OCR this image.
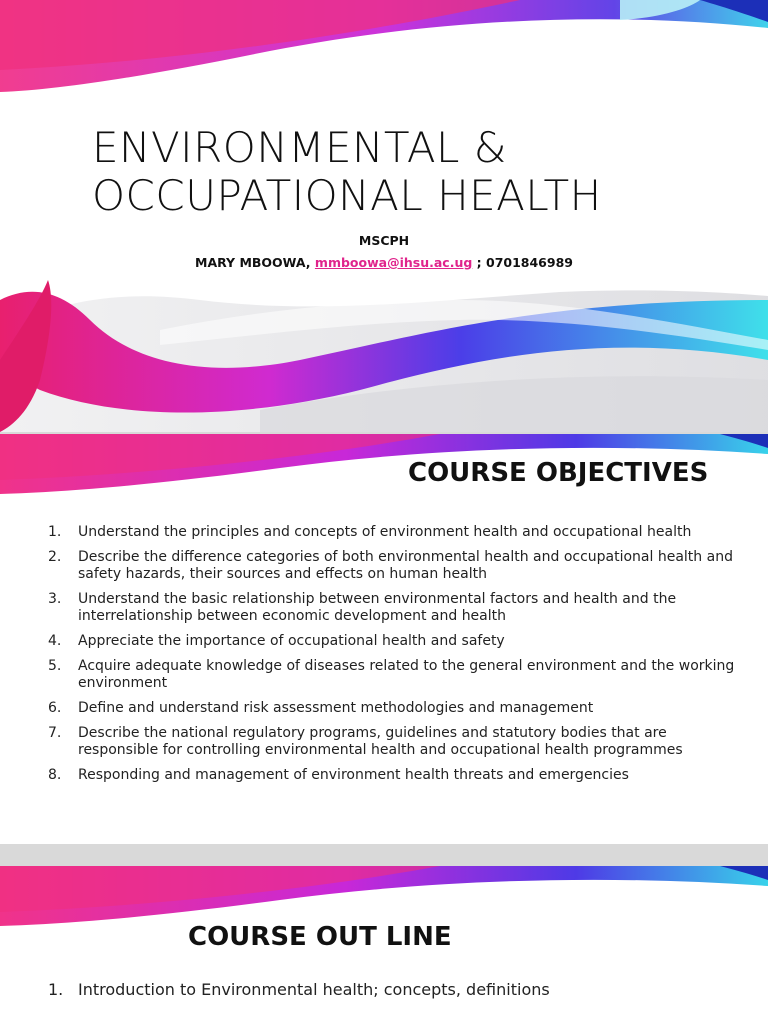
ENVIRONMENTAL &
OCCUPATIONAL HEALTH
MSCPH
MARY MBOOWA, mmboowa@ihsu.ac.ug ; 0701846989
COURSE OBJECTIVES
1. Understand the principles and concepts of environment health and occupational health
2. Describe the difference categories of both environmental health and occupational health and safety hazards, their sources and effects on human health
3. Understand the basic relationship between environmental factors and health and the interrelationship between economic development and health
4. Appreciate the importance of occupational health and safety
5. Acquire adequate knowledge of diseases related to the general environment and the working environment
6. Define and understand risk assessment methodologies and management
7. Describe the national regulatory programs, guidelines and statutory bodies that are responsible for controlling environmental health and occupational health programmes
8. Responding and management of environment health threats and emergencies
COURSE OUT LINE
1. Introduction to Environmental health; concepts, definitions
